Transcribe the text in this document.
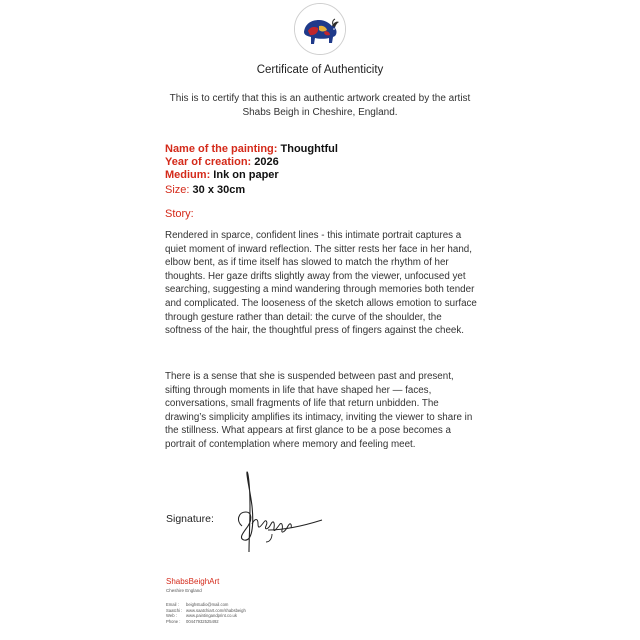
Certificate of Authenticity
This is to certify that this is an authentic artwork created by the artist
Shabs Beigh in Cheshire, England.
Name of the painting: Thoughtful
Year of creation: 2026
Medium: Ink on paper
Size: 30 x 30cm
Story:
Rendered in sparce, confident lines - this intimate portrait captures a quiet moment of inward reflection. The sitter rests her face in her hand, elbow bent, as if time itself has slowed to match the rhythm of her thoughts. Her gaze drifts slightly away from the viewer, unfocused yet searching, suggesting a mind wandering through memories both tender and complicated. The looseness of the sketch allows emotion to surface through gesture rather than detail: the curve of the shoulder, the softness of the hair, the thoughtful press of fingers against the cheek.
There is a sense that she is suspended between past and present, sifting through moments in life that have shaped her — faces, conversations, small fragments of life that return unbidden. The drawing’s simplicity amplifies its intimacy, inviting the viewer to share in the stillness. What appears at first glance to be a pose becomes a portrait of contemplation where memory and feeling meet.
Signature:
ShabsBeighArt
Cheshire England
Email :	beighstudio@mail.com
Saatchi : www.saatchiart.com/shabsbeigh
Web :	www.paintingandprint.co.uk
Phone :	00447932525492
